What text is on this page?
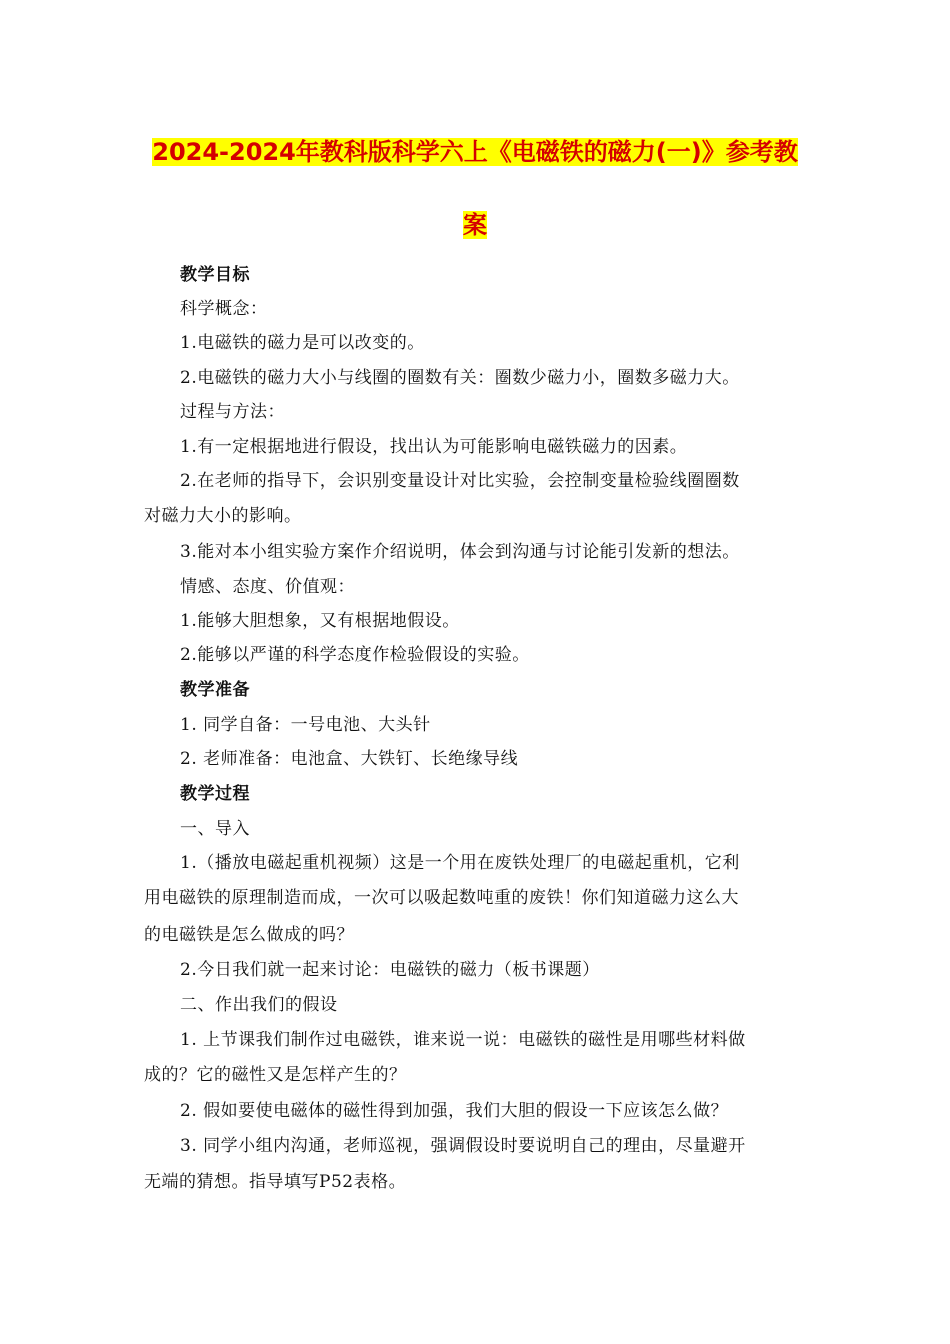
2024-2024年教科版科学六上《电磁铁的磁力(一)》参考教
案
教学目标
科学概念：
1.电磁铁的磁力是可以改变的。
2.电磁铁的磁力大小与线圈的圈数有关：圈数少磁力小，圈数多磁力大。
过程与方法：
1.有一定根据地进行假设，找出认为可能影响电磁铁磁力的因素。
2.在老师的指导下，会识别变量设计对比实验，会控制变量检验线圈圈数
对磁力大小的影响。
3.能对本小组实验方案作介绍说明，体会到沟通与讨论能引发新的想法。
情感、态度、价值观：
1.能够大胆想象，又有根据地假设。
2.能够以严谨的科学态度作检验假设的实验。
教学准备
1. 同学自备：一号电池、大头针
2. 老师准备：电池盒、大铁钉、长绝缘导线
教学过程
一、导入
1.（播放电磁起重机视频）这是一个用在废铁处理厂的电磁起重机，它利
用电磁铁的原理制造而成，一次可以吸起数吨重的废铁！你们知道磁力这么大
的电磁铁是怎么做成的吗？
2.今日我们就一起来讨论：电磁铁的磁力（板书课题）
二、作出我们的假设
1. 上节课我们制作过电磁铁，谁来说一说：电磁铁的磁性是用哪些材料做
成的？它的磁性又是怎样产生的？
2. 假如要使电磁体的磁性得到加强，我们大胆的假设一下应该怎么做？
3. 同学小组内沟通，老师巡视，强调假设时要说明自己的理由，尽量避开
无端的猜想。指导填写P52表格。
